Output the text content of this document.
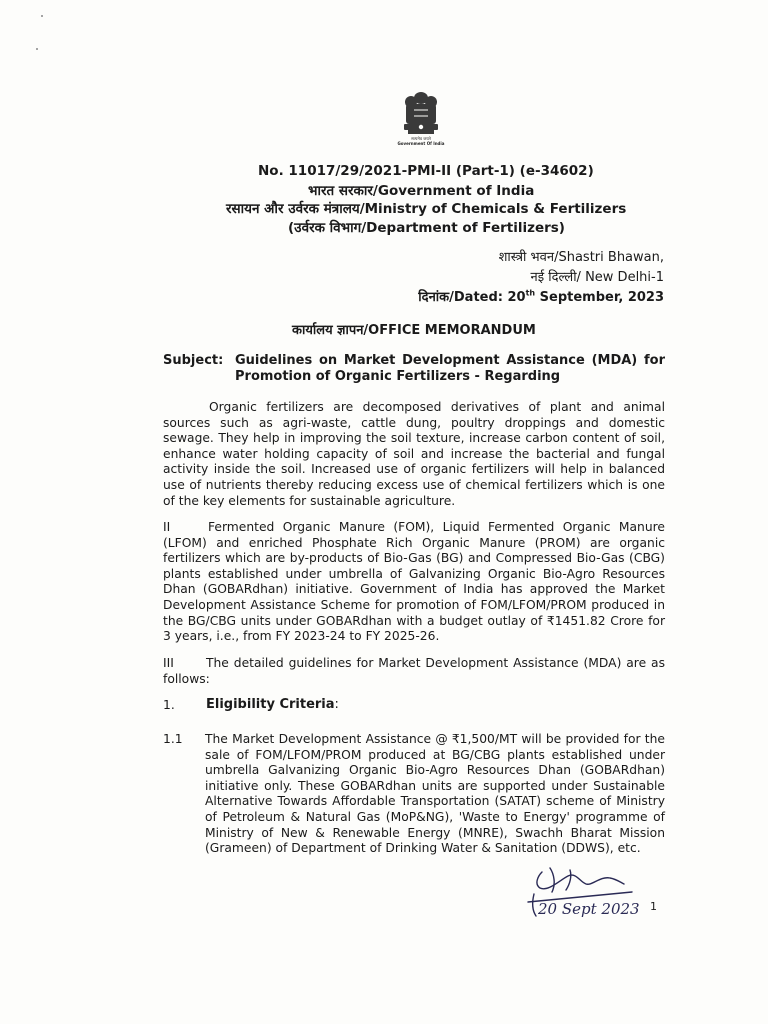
सत्यमेव जयते
Government Of India
No. 11017/29/2021-PMI-II (Part-1) (e-34602)
भारत सरकार/Government of India
रसायन और उर्वरक मंत्रालय/Ministry of Chemicals & Fertilizers
(उर्वरक विभाग/Department of Fertilizers)
शास्त्री भवन/Shastri Bhawan,
नई दिल्ली/ New Delhi-1
दिनांक/Dated: 20th September, 2023
कार्यालय ज्ञापन/OFFICE MEMORANDUM
Subject: Guidelines on Market Development Assistance (MDA) for Promotion of Organic Fertilizers - Regarding
Organic fertilizers are decomposed derivatives of plant and animal sources such as agri-waste, cattle dung, poultry droppings and domestic sewage. They help in improving the soil texture, increase carbon content of soil, enhance water holding capacity of soil and increase the bacterial and fungal activity inside the soil. Increased use of organic fertilizers will help in balanced use of nutrients thereby reducing excess use of chemical fertilizers which is one of the key elements for sustainable agriculture.
II	Fermented Organic Manure (FOM), Liquid Fermented Organic Manure (LFOM) and enriched Phosphate Rich Organic Manure (PROM) are organic fertilizers which are by-products of Bio-Gas (BG) and Compressed Bio-Gas (CBG) plants established under umbrella of Galvanizing Organic Bio-Agro Resources Dhan (GOBARdhan) initiative. Government of India has approved the Market Development Assistance Scheme for promotion of FOM/LFOM/PROM produced in the BG/CBG units under GOBARdhan with a budget outlay of ₹1451.82 Crore for 3 years, i.e., from FY 2023-24 to FY 2025-26.
III	The detailed guidelines for Market Development Assistance (MDA) are as follows:
1. Eligibility Criteria:
1.1 The Market Development Assistance @ ₹1,500/MT will be provided for the sale of FOM/LFOM/PROM produced at BG/CBG plants established under umbrella Galvanizing Organic Bio-Agro Resources Dhan (GOBARdhan) initiative only. These GOBARdhan units are supported under Sustainable Alternative Towards Affordable Transportation (SATAT) scheme of Ministry of Petroleum & Natural Gas (MoP&NG), 'Waste to Energy' programme of Ministry of New & Renewable Energy (MNRE), Swachh Bharat Mission (Grameen) of Department of Drinking Water & Sanitation (DDWS), etc.
20 Sept 2023 1
